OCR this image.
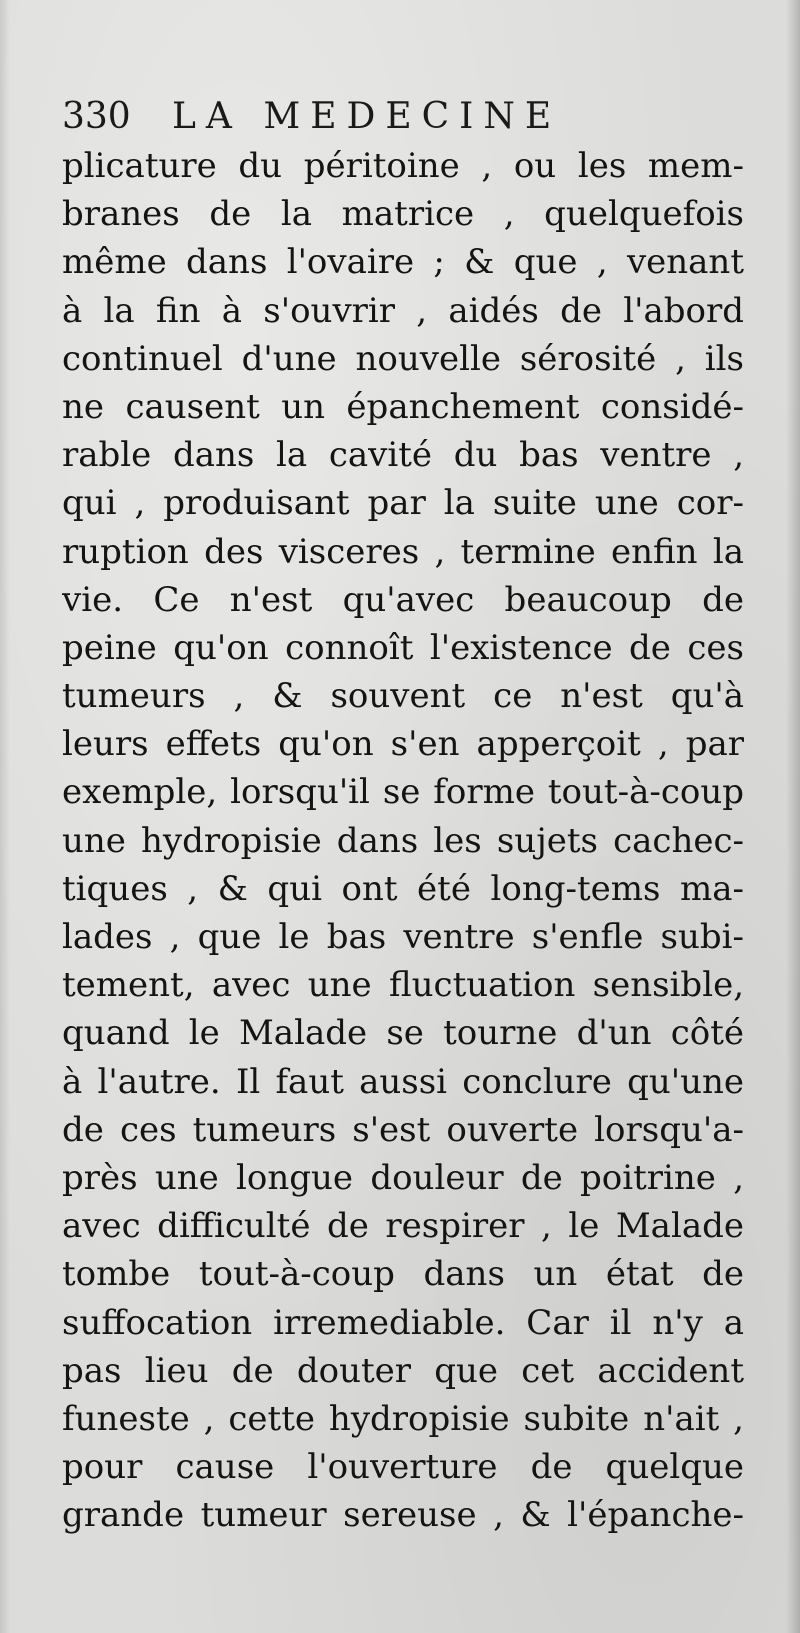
330 LA MEDECINE
plicature du péritoine , ou les mem-
branes de la matrice , quelquefois
même dans l'ovaire ; & que , venant
à la fin à s'ouvrir , aidés de l'abord
continuel d'une nouvelle sérosité , ils
ne causent un épanchement considé-
rable dans la cavité du bas ventre ,
qui , produisant par la suite une cor-
ruption des visceres , termine enfin la
vie. Ce n'est qu'avec beaucoup de
peine qu'on connoît l'existence de ces
tumeurs , & souvent ce n'est qu'à
leurs effets qu'on s'en apperçoit , par
exemple, lorsqu'il se forme tout-à-coup
une hydropisie dans les sujets cachec-
tiques , & qui ont été long-tems ma-
lades , que le bas ventre s'enfle subi-
tement, avec une fluctuation sensible,
quand le Malade se tourne d'un côté
à l'autre. Il faut aussi conclure qu'une
de ces tumeurs s'est ouverte lorsqu'a-
près une longue douleur de poitrine ,
avec difficulté de respirer , le Malade
tombe tout-à-coup dans un état de
suffocation irremediable. Car il n'y a
pas lieu de douter que cet accident
funeste , cette hydropisie subite n'ait ,
pour cause l'ouverture de quelque
grande tumeur sereuse , & l'épanche-
